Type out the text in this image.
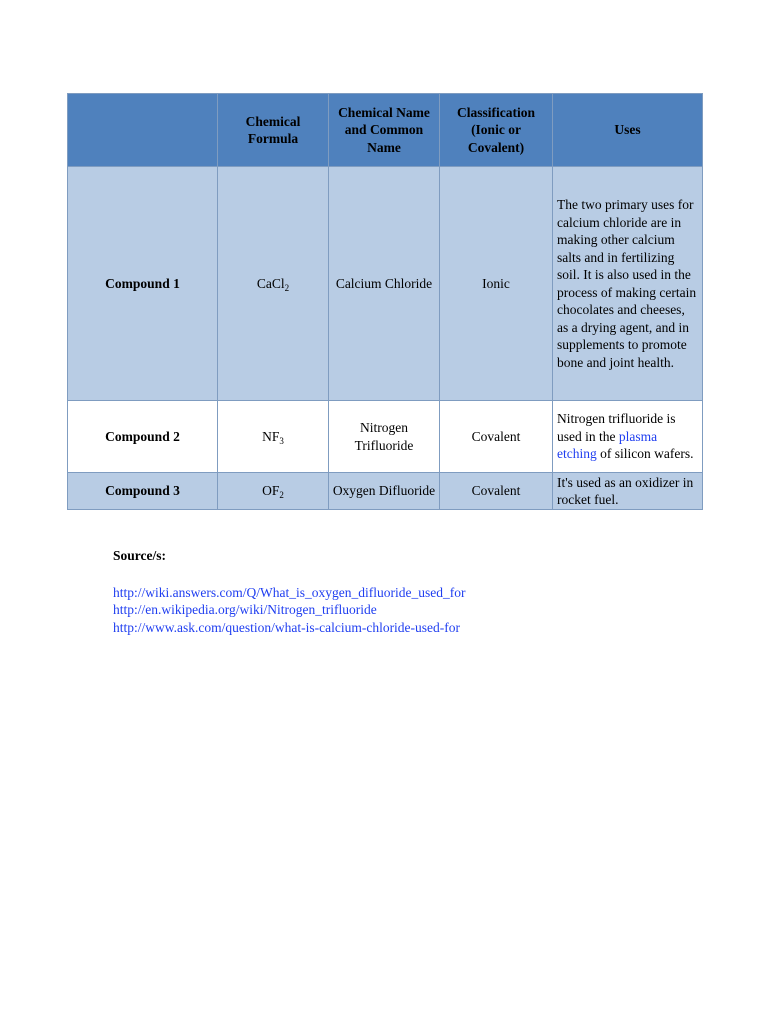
	Chemical Formula	Chemical Name and Common Name	Classification (Ionic or Covalent)	Uses
Compound 1	CaCl$_2$	Calcium Chloride	Ionic	The two primary uses for calcium chloride are in making other calcium salts and in fertilizing soil. It is also used in the process of making certain chocolates and cheeses, as a drying agent, and in supplements to promote bone and joint health.
Compound 2	$NF_3$	Nitrogen Trifluoride	Covalent	Nitrogen trifluoride is used in the plasma etching of silicon wafers.
Compound 3	$OF_2$	Oxygen Difluoride	Covalent	It's used as an oxidizer in rocket fuel.
Source/s:
http://wiki.answers.com/Q/What_is_oxygen_difluoride_used_for
http://en.wikipedia.org/wiki/Nitrogen_trifluoride
http://www.ask.com/question/what-is-calcium-chloride-used-for
